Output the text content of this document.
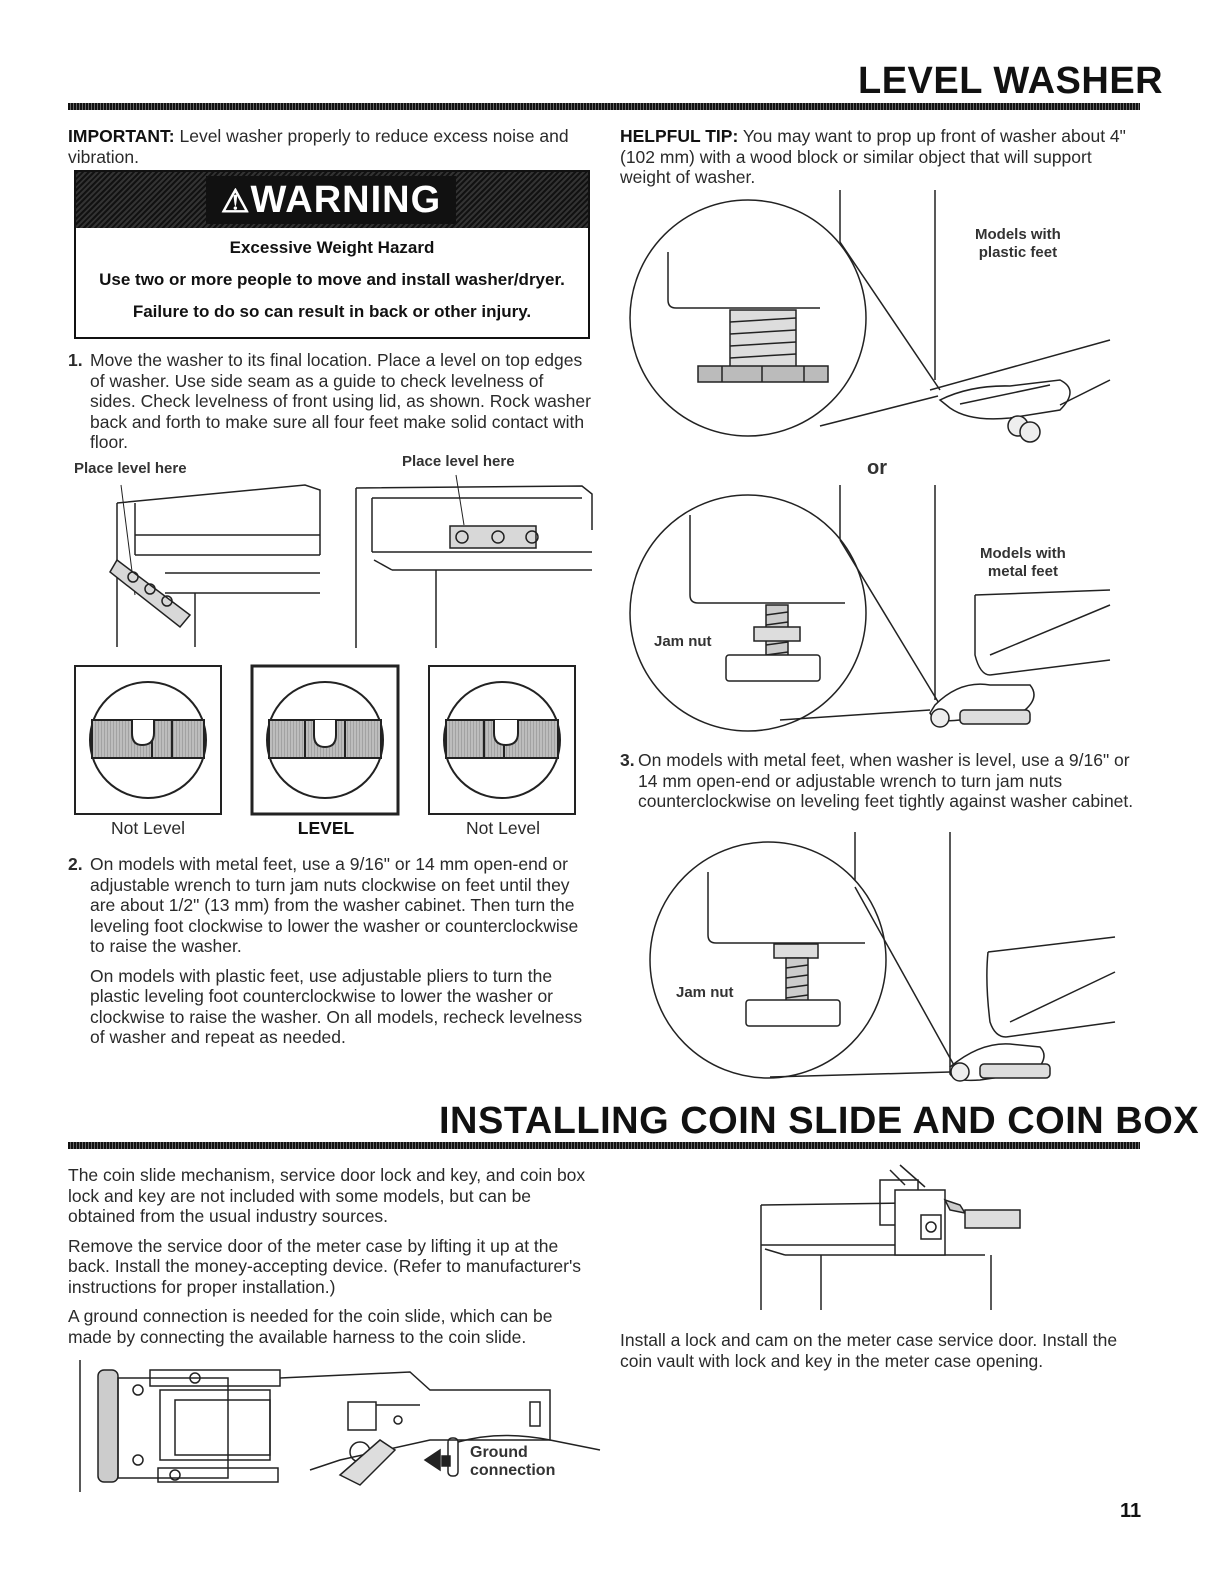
LEVEL WASHER
IMPORTANT: Level washer properly to reduce excess noise and vibration.
⚠WARNING
Excessive Weight Hazard
Use two or more people to move and install washer/dryer.
Failure to do so can result in back or other injury.
1. Move the washer to its final location. Place a level on top edges of washer. Use side seam as a guide to check levelness of sides. Check levelness of front using lid, as shown. Rock washer back and forth to make sure all four feet make solid contact with floor.
Place level here	Place level here
Not Level	LEVEL	Not Level
2. On models with metal feet, use a 9/16" or 14 mm open-end or adjustable wrench to turn jam nuts clockwise on feet until they are about 1/2" (13 mm) from the washer cabinet. Then turn the leveling foot clockwise to lower the washer or counterclockwise to raise the washer.
On models with plastic feet, use adjustable pliers to turn the plastic leveling foot counterclockwise to lower the washer or clockwise to raise the washer. On all models, recheck levelness of washer and repeat as needed.
HELPFUL TIP: You may want to prop up front of washer about 4" (102 mm) with a wood block or similar object that will support weight of washer.
Models with
plastic feet
or
Models with
metal feet
Jam nut
3. On models with metal feet, when washer is level, use a 9/16" or 14 mm open-end or adjustable wrench to turn jam nuts counterclockwise on leveling feet tightly against washer cabinet.
Jam nut
INSTALLING COIN SLIDE AND COIN BOX
The coin slide mechanism, service door lock and key, and coin box lock and key are not included with some models, but can be obtained from the usual industry sources.
Remove the service door of the meter case by lifting it up at the back. Install the money-accepting device. (Refer to manufacturer's instructions for proper installation.)
A ground connection is needed for the coin slide, which can be made by connecting the available harness to the coin slide.
Ground
connection
Install a lock and cam on the meter case service door. Install the coin vault with lock and key in the meter case opening.
11
